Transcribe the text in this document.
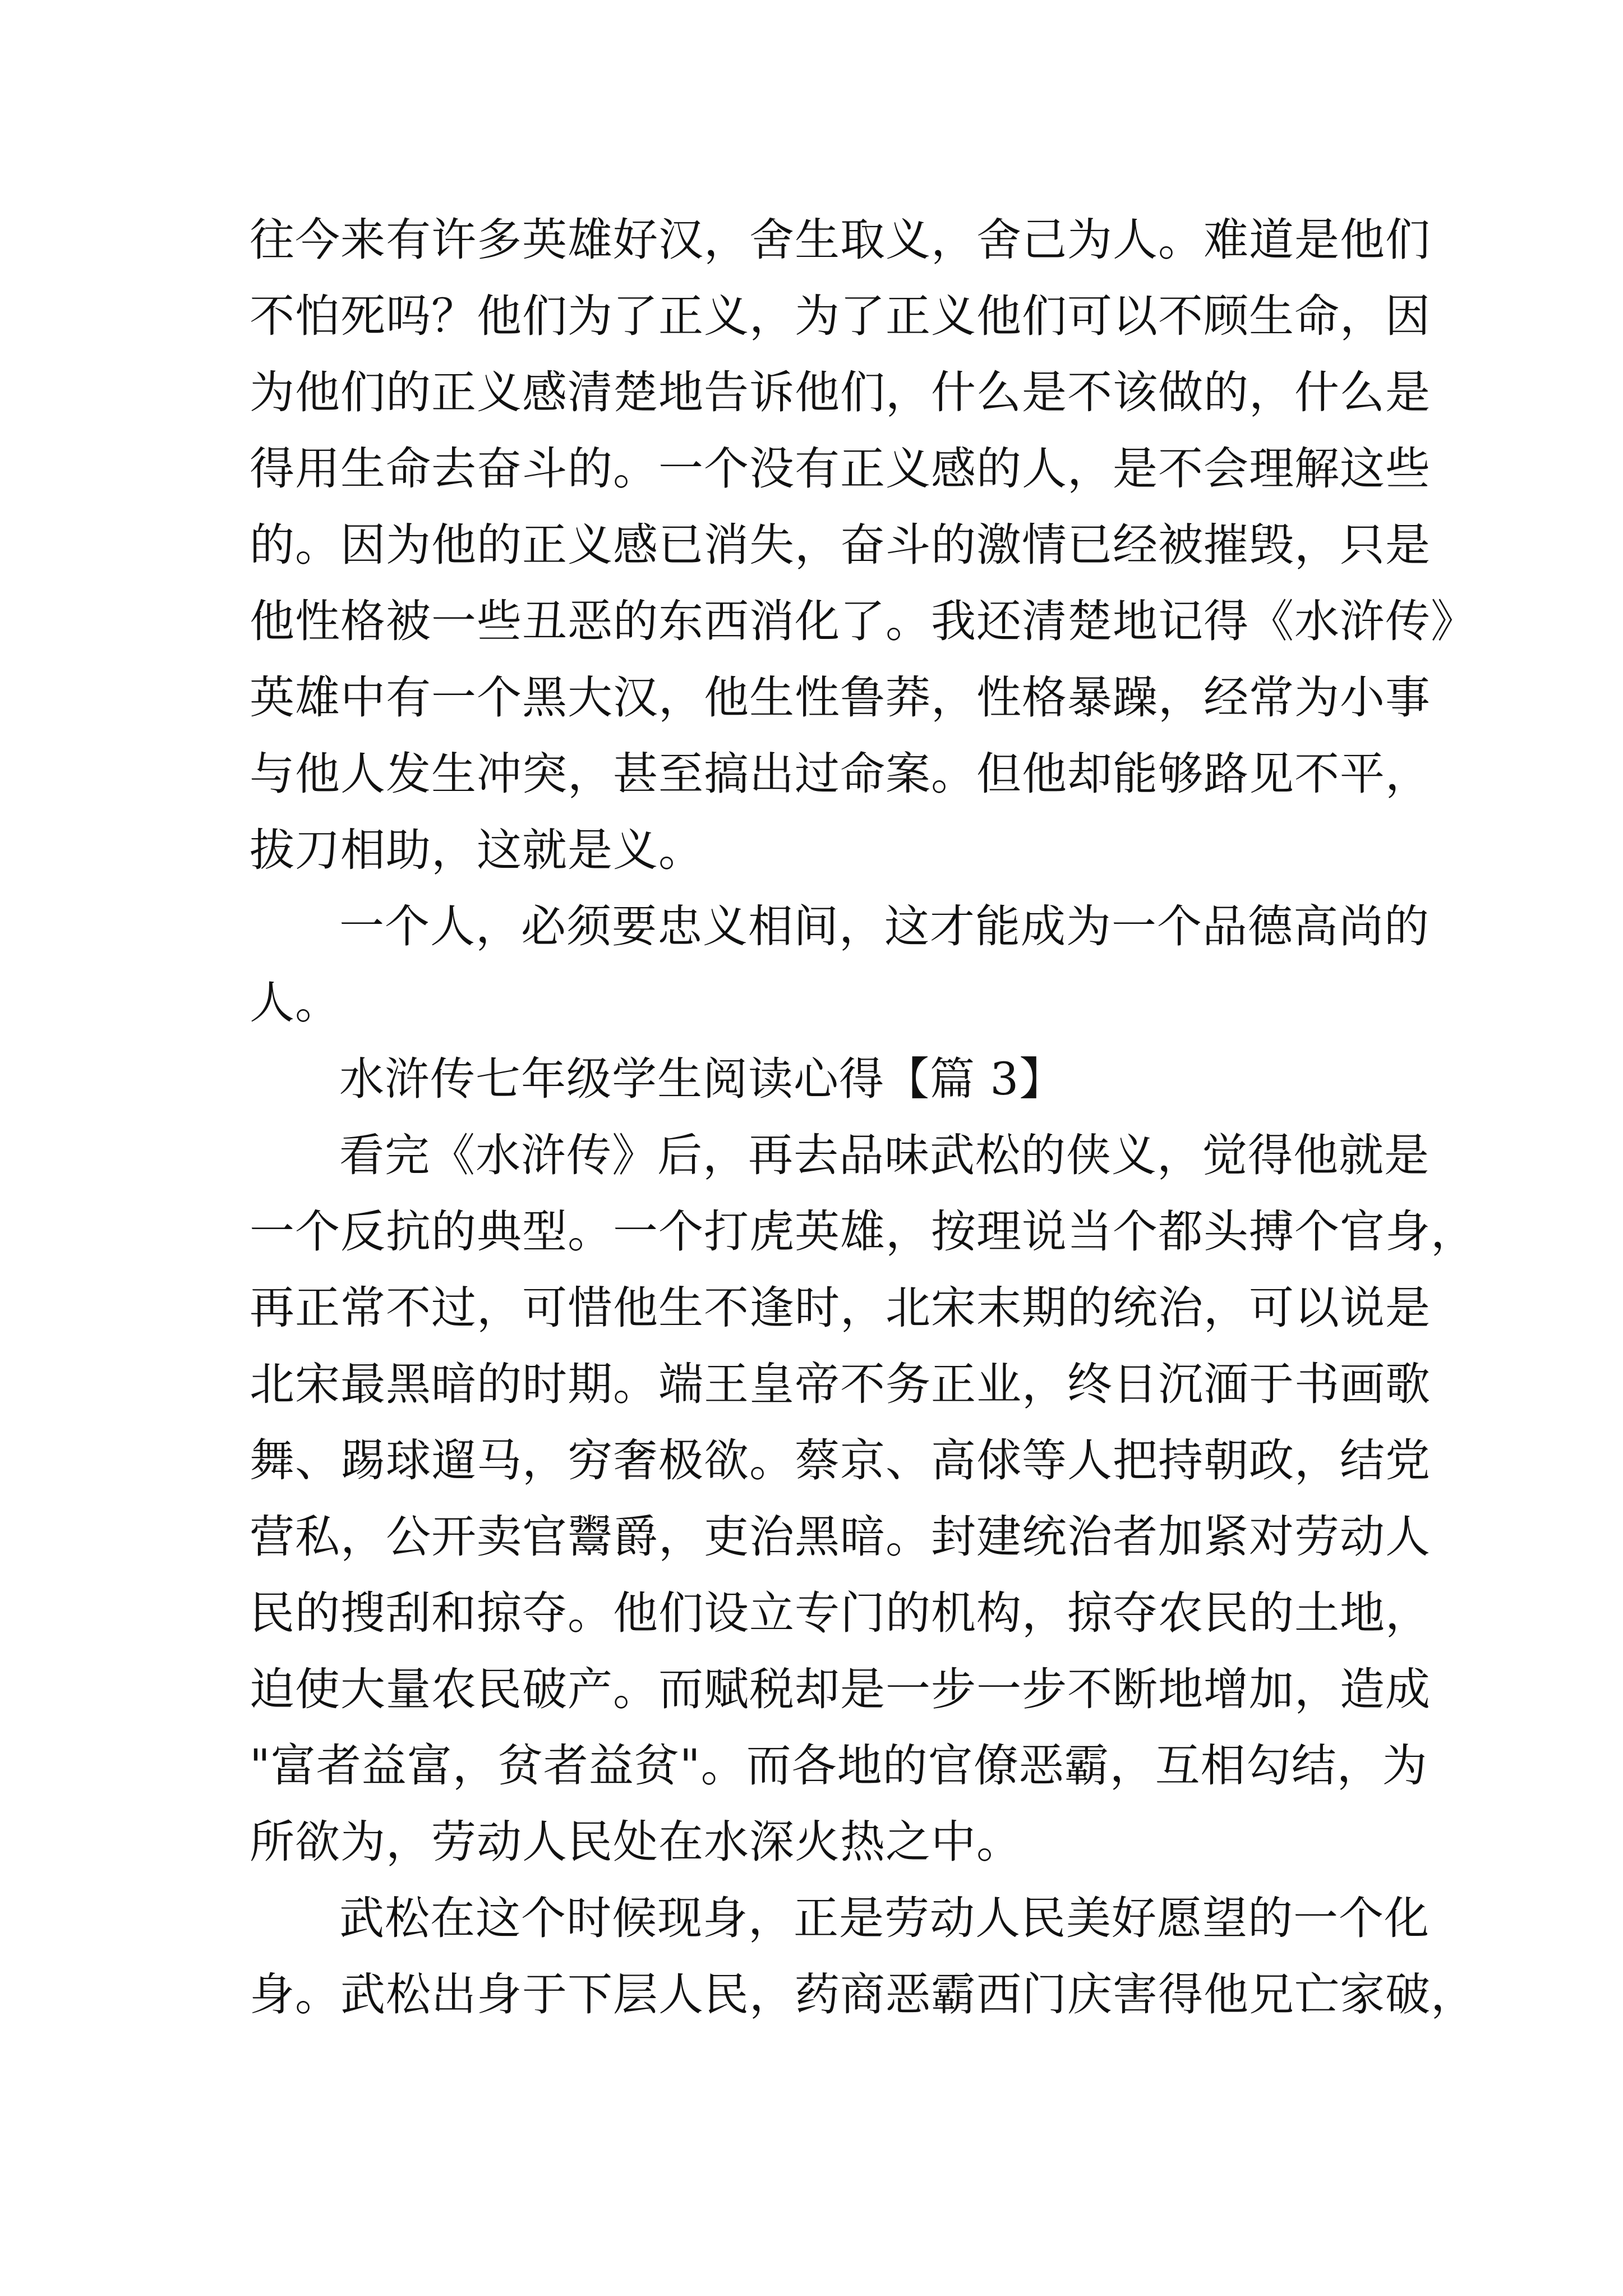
往今来有许多英雄好汉，舍生取义，舍己为人。难道是他们
不怕死吗？他们为了正义，为了正义他们可以不顾生命，因
为他们的正义感清楚地告诉他们，什么是不该做的，什么是
得用生命去奋斗的。一个没有正义感的人，是不会理解这些
的。因为他的正义感已消失，奋斗的激情已经被摧毁，只是
他性格被一些丑恶的东西消化了。我还清楚地记得《水浒传》
英雄中有一个黑大汉，他生性鲁莽，性格暴躁，经常为小事
与他人发生冲突，甚至搞出过命案。但他却能够路见不平，
拔刀相助，这就是义。
一个人，必须要忠义相间，这才能成为一个品德高尚的
人。
水浒传七年级学生阅读心得【篇 3】
看完《水浒传》后，再去品味武松的侠义，觉得他就是
一个反抗的典型。一个打虎英雄，按理说当个都头搏个官身，
再正常不过，可惜他生不逢时，北宋末期的统治，可以说是
北宋最黑暗的时期。端王皇帝不务正业，终日沉湎于书画歌
舞、踢球遛马，穷奢极欲。蔡京、高俅等人把持朝政，结党
营私，公开卖官鬻爵，吏治黑暗。封建统治者加紧对劳动人
民的搜刮和掠夺。他们设立专门的机构，掠夺农民的土地，
迫使大量农民破产。而赋税却是一步一步不断地增加，造成
"富者益富，贫者益贫"。而各地的官僚恶霸，互相勾结，为
所欲为，劳动人民处在水深火热之中。
武松在这个时候现身，正是劳动人民美好愿望的一个化
身。武松出身于下层人民，药商恶霸西门庆害得他兄亡家破，
